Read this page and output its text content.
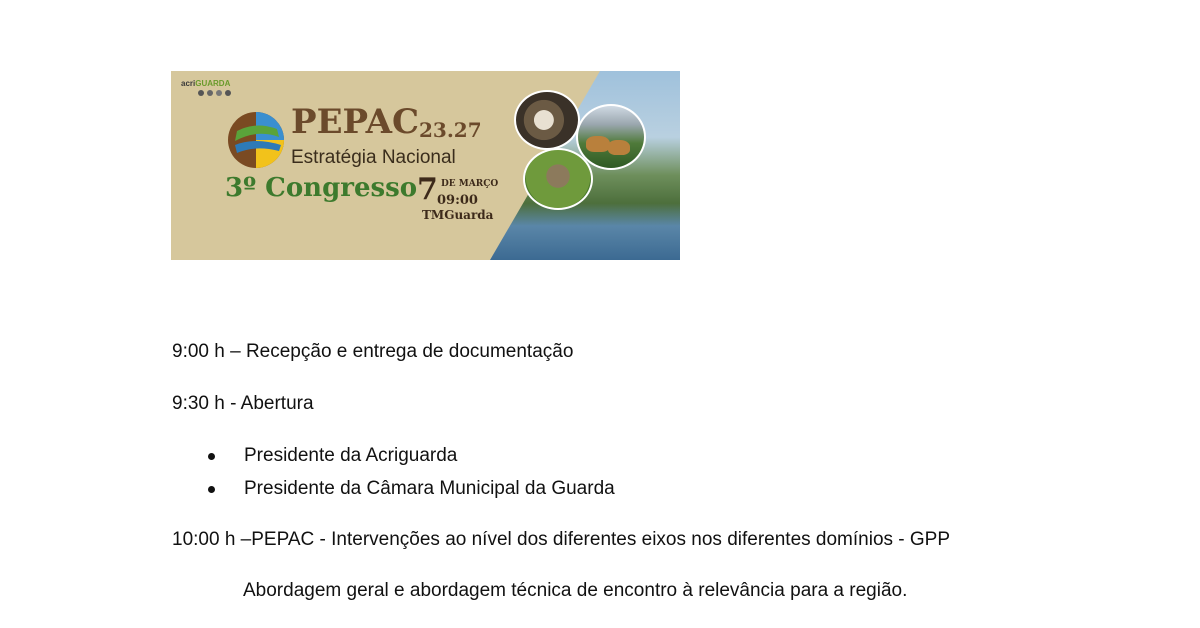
acriGUARDA
PEPAC 23.27
Estratégia Nacional
3º Congresso 7 DE MARÇO
09:00
TMGuarda
9:00 h – Recepção e entrega de documentação
9:30 h - Abertura
Presidente da Acriguarda
Presidente da Câmara Municipal da Guarda
10:00 h –PEPAC - Intervenções ao nível dos diferentes eixos nos diferentes domínios - GPP
Abordagem geral e abordagem técnica de encontro à relevância para a região.
